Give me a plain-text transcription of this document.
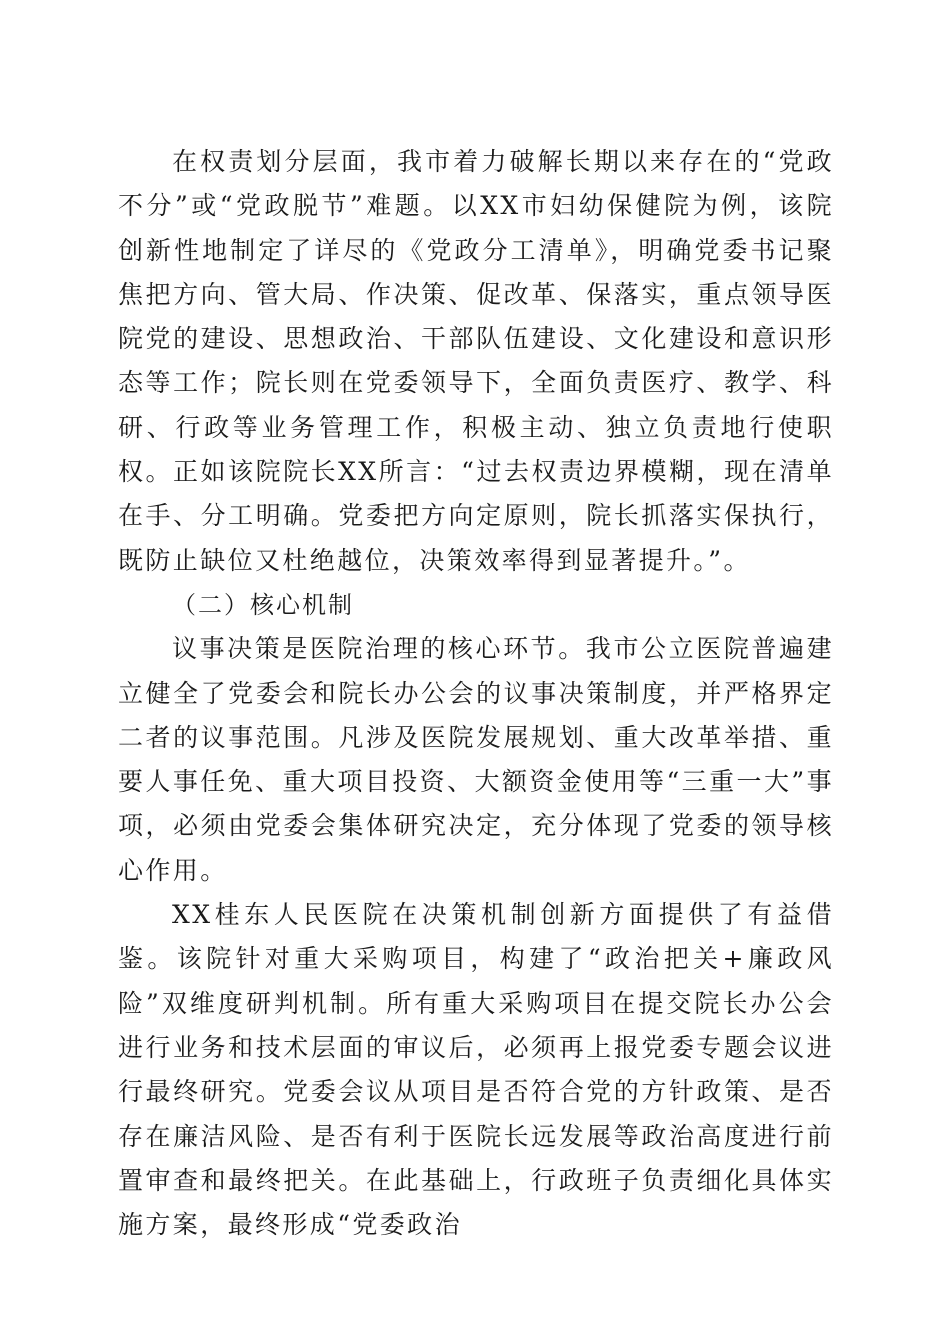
在权责划分层面，我市着力破解长期以来存在的“党政不分”或“党政脱节”难题。以XX市妇幼保健院为例，该院创新性地制定了详尽的《党政分工清单》，明确党委书记聚焦把方向、管大局、作决策、促改革、保落实，重点领导医院党的建设、思想政治、干部队伍建设、文化建设和意识形态等工作；院长则在党委领导下，全面负责医疗、教学、科研、行政等业务管理工作，积极主动、独立负责地行使职权。正如该院院长XX所言：“过去权责边界模糊，现在清单在手、分工明确。党委把方向定原则，院长抓落实保执行，既防止缺位又杜绝越位，决策效率得到显著提升。”。

（二）核心机制

议事决策是医院治理的核心环节。我市公立医院普遍建立健全了党委会和院长办公会的议事决策制度，并严格界定二者的议事范围。凡涉及医院发展规划、重大改革举措、重要人事任免、重大项目投资、大额资金使用等“三重一大”事项，必须由党委会集体研究决定，充分体现了党委的领导核心作用。

XX桂东人民医院在决策机制创新方面提供了有益借鉴。该院针对重大采购项目，构建了“政治把关+廉政风险”双维度研判机制。所有重大采购项目在提交院长办公会进行业务和技术层面的审议后，必须再上报党委专题会议进行最终研究。党委会议从项目是否符合党的方针政策、是否存在廉洁风险、是否有利于医院长远发展等政治高度进行前置审查和最终把关。在此基础上，行政班子负责细化具体实施方案，最终形成“党委政治
